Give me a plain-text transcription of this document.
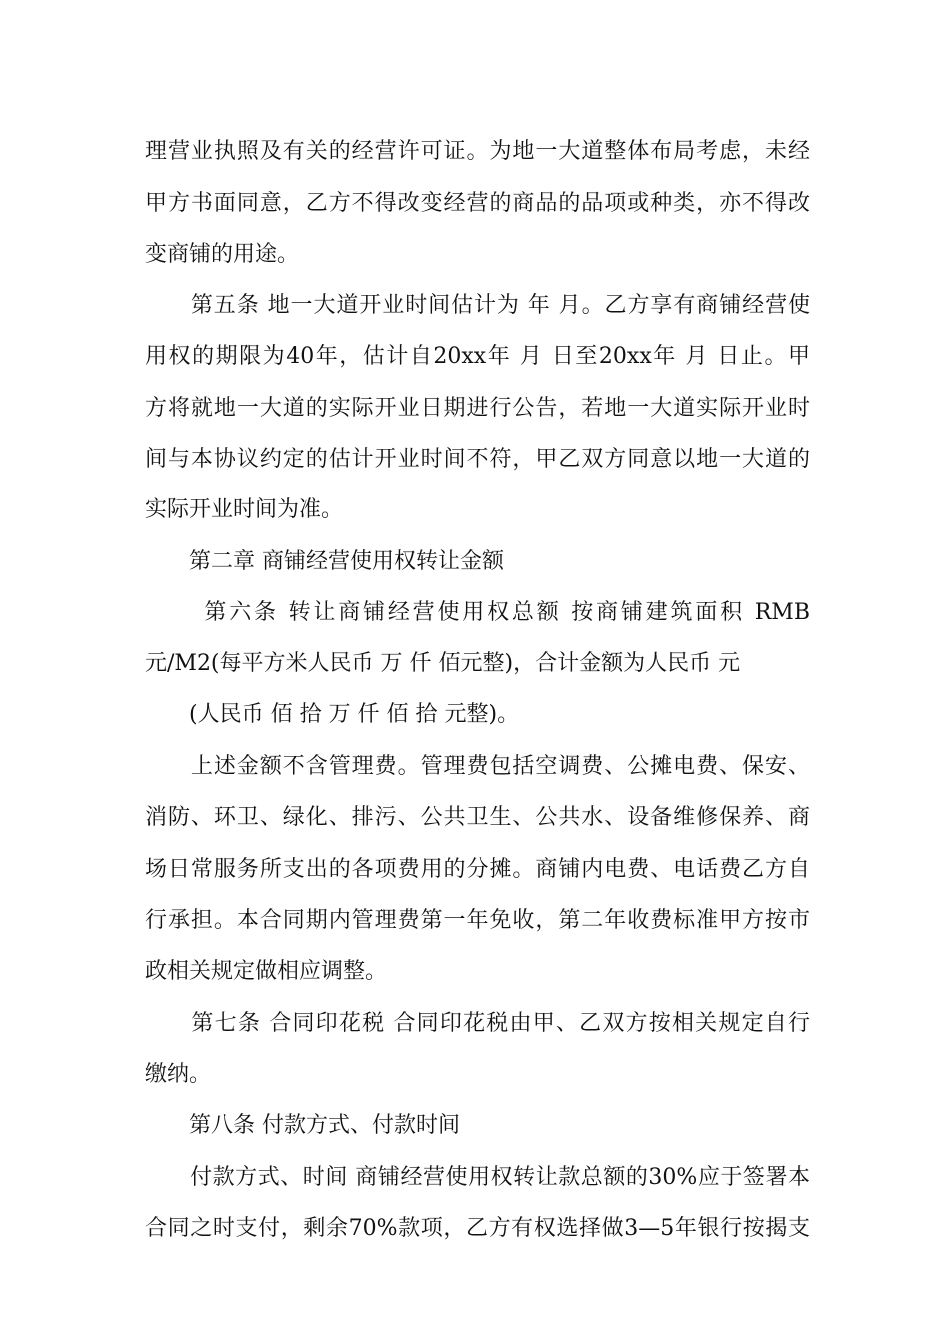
理营业执照及有关的经营许可证。为地一大道整体布局考虑，未经
甲方书面同意，乙方不得改变经营的商品的品项或种类，亦不得改
变商铺的用途。
　　第五条 地一大道开业时间估计为 年 月。乙方享有商铺经营使
用权的期限为40年，估计自20xx年 月 日至20xx年 月 日止。甲
方将就地一大道的实际开业日期进行公告，若地一大道实际开业时
间与本协议约定的估计开业时间不符，甲乙双方同意以地一大道的
实际开业时间为准。
　　第二章 商铺经营使用权转让金额
　　 第六条 转让商铺经营使用权总额 按商铺建筑面积 RMB
元/M2(每平方米人民币 万 仟 佰元整)，合计金额为人民币 元
　　(人民币 佰 拾 万 仟 佰 拾 元整)。
　　上述金额不含管理费。管理费包括空调费、公摊电费、保安、
消防、环卫、绿化、排污、公共卫生、公共水、设备维修保养、商
场日常服务所支出的各项费用的分摊。商铺内电费、电话费乙方自
行承担。本合同期内管理费第一年免收，第二年收费标准甲方按市
政相关规定做相应调整。
　　第七条 合同印花税 合同印花税由甲、乙双方按相关规定自行
缴纳。
　　第八条 付款方式、付款时间
　　付款方式、时间 商铺经营使用权转让款总额的30%应于签署本
合同之时支付，剩余70%款项，乙方有权选择做3—5年银行按揭支
